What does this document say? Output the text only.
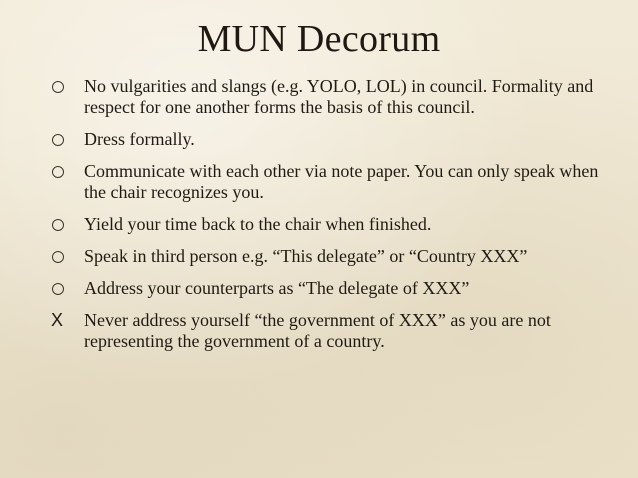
MUN Decorum
No vulgarities and slangs (e.g. YOLO, LOL) in council. Formality and respect for one another forms the basis of this council.
Dress formally.
Communicate with each other via note paper. You can only speak when the chair recognizes you.
Yield your time back to the chair when finished.
Speak in third person e.g. “This delegate” or “Country XXX”
Address your counterparts as “The delegate of XXX”
X Never address yourself “the government of XXX” as you are not representing the government of a country.
